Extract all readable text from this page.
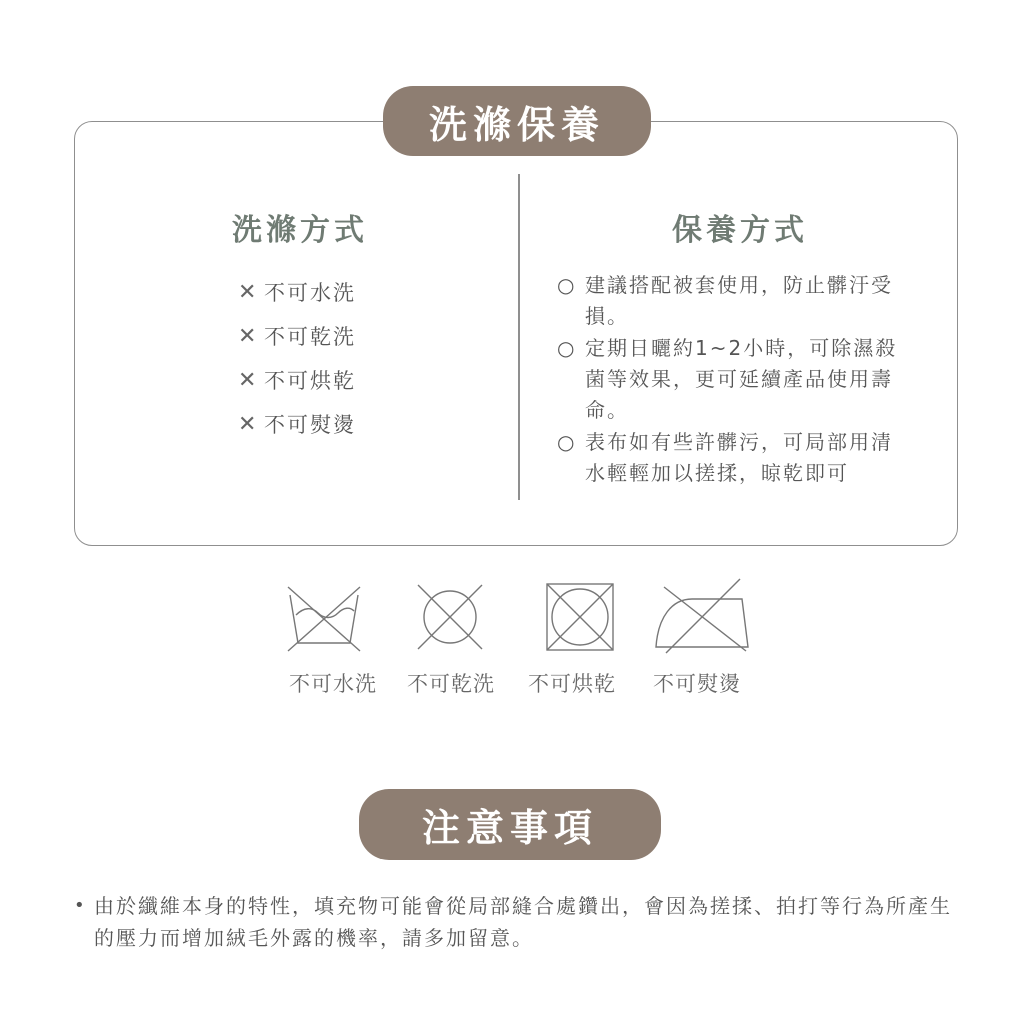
洗滌保養
洗滌方式	保養方式
✕ 不可水洗
✕ 不可乾洗
✕ 不可烘乾
✕ 不可熨燙
○ 建議搭配被套使用，防止髒汙受損。
○ 定期日曬約1~2小時，可除濕殺菌等效果，更可延續產品使用壽命。
○ 表布如有些許髒污，可局部用清水輕輕加以搓揉，晾乾即可
不可水洗 不可乾洗 不可烘乾 不可熨燙
注意事項
• 由於纖維本身的特性，填充物可能會從局部縫合處鑽出，會因為搓揉、拍打等行為所產生的壓力而增加絨毛外露的機率，請多加留意。
